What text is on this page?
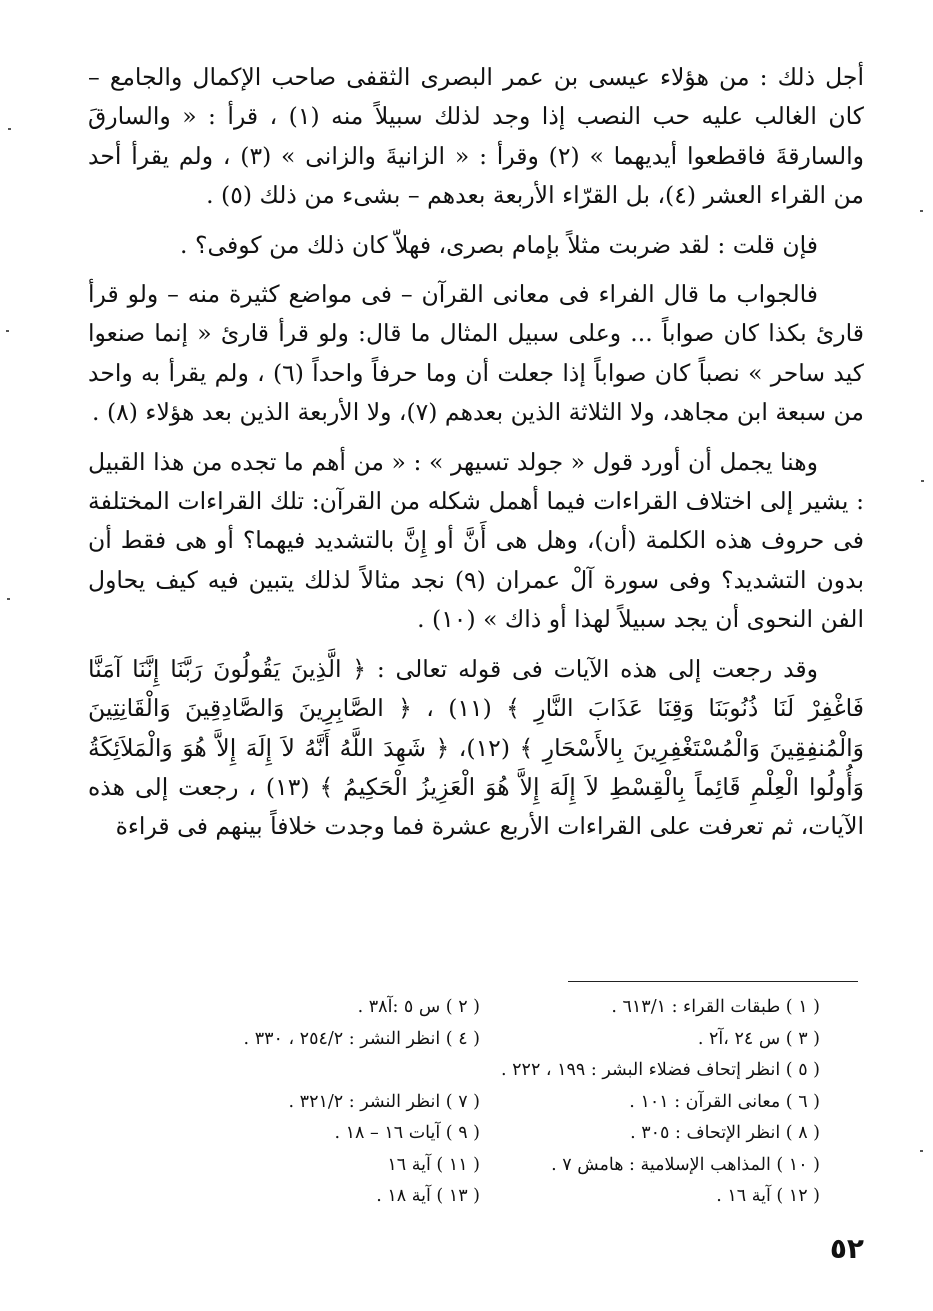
أجل ذلك : من هؤلاء عيسى بن عمر البصرى الثقفى صاحب الإكمال والجامع – كان الغالب عليه حب النصب إذا وجد لذلك سبيلاً منه (١) ، قرأ : « والسارقَ والسارقةَ فاقطعوا أيديهما » (٢) وقرأ : « الزانيةَ والزانى » (٣) ، ولم يقرأ أحد من القراء العشر (٤)، بل القرّاء الأربعة بعدهم – بشىء من ذلك (٥) .

فإن قلت : لقد ضربت مثلاً بإمام بصرى، فهلاّ كان ذلك من كوفى؟ .

فالجواب ما قال الفراء فى معانى القرآن – فى مواضع كثيرة منه – ولو قرأ قارئ بكذا كان صواباً ... وعلى سبيل المثال ما قال: ولو قرأ قارئ « إنما صنعوا كيد ساحر » نصباً كان صواباً إذا جعلت أن وما حرفاً واحداً (٦) ، ولم يقرأ به واحد من سبعة ابن مجاهد، ولا الثلاثة الذين بعدهم (٧)، ولا الأربعة الذين بعد هؤلاء (٨) .

وهنا يجمل أن أورد قول « جولد تسيهر » : « من أهم ما تجده من هذا القبيل : يشير إلى اختلاف القراءات فيما أهمل شكله من القرآن: تلك القراءات المختلفة فى حروف هذه الكلمة (أن)، وهل هى أَنَّ أو إِنَّ بالتشديد فيهما؟ أو هى فقط أن بدون التشديد؟ وفى سورة آلْ عمران (٩) نجد مثالاً لذلك يتبين فيه كيف يحاول الفن النحوى أن يجد سبيلاً لهذا أو ذاك » (١٠) .

وقد رجعت إلى هذه الآيات فى قوله تعالى : ﴿ الَّذِينَ يَقُولُونَ رَبَّنَا إِنَّنَا آمَنَّا فَاغْفِرْ لَنَا ذُنُوبَنَا وَقِنَا عَذَابَ النَّارِ ﴾ (١١) ، ﴿ الصَّابِرِينَ وَالصَّادِقِينَ وَالْقَانِتِينَ وَالْمُنفِقِينَ وَالْمُسْتَغْفِرِينَ بِالأَسْحَارِ ﴾ (١٢)، ﴿ شَهِدَ اللَّهُ أَنَّهُ لاَ إِلَهَ إِلاَّ هُوَ وَالْمَلاَئِكَةُ وَأُولُوا الْعِلْمِ قَائِماً بِالْقِسْطِ لاَ إِلَهَ إِلاَّ هُوَ الْعَزِيزُ الْحَكِيمُ ﴾ (١٣) ، رجعت إلى هذه الآيات، ثم تعرفت على القراءات الأربع عشرة فما وجدت خلافاً بينهم فى قراءة

( ١ ) طبقات القراء : ٦١٣/١ .
( ٢ ) س ٥ :آ٣٨ .
( ٣ ) س ٢٤ ،آ٢ .
( ٤ ) انظر النشر : ٢٥٤/٢ ، ٣٣٠ .
( ٥ ) انظر إتحاف فضلاء البشر : ١٩٩ ، ٢٢٢ .
( ٦ ) معانى القرآن : ١٠١ .
( ٧ ) انظر النشر : ٣٢١/٢ .
( ٨ ) انظر الإتحاف : ٣٠٥ .
( ٩ ) آيات ١٦ – ١٨ .
( ١٠ ) المذاهب الإسلامية : هامش ٧ .
( ١١ ) آية ١٦
( ١٢ ) آية ١٦ .
( ١٣ ) آية ١٨ .
٥٢
